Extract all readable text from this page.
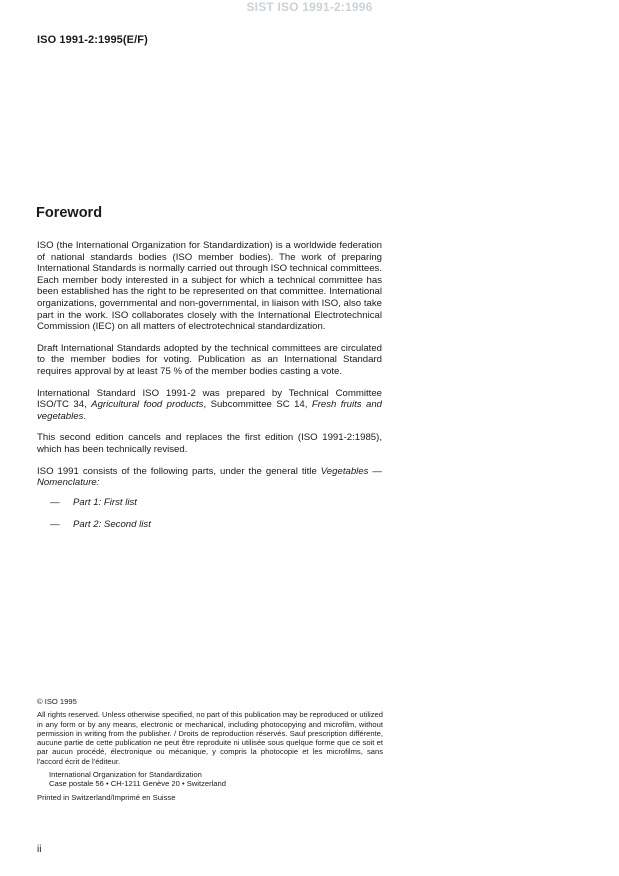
SIST ISO 1991-2:1996
ISO 1991-2:1995(E/F)
Foreword

ISO (the International Organization for Standardization) is a worldwide federation of national standards bodies (ISO member bodies). The work of preparing International Standards is normally carried out through ISO technical committees. Each member body interested in a subject for which a technical committee has been established has the right to be represented on that committee. International organizations, governmental and non-governmental, in liaison with ISO, also take part in the work. ISO collaborates closely with the International Electrotechnical Commission (IEC) on all matters of electrotechnical standardization.

Draft International Standards adopted by the technical committees are circulated to the member bodies for voting. Publication as an International Standard requires approval by at least 75 % of the member bodies casting a vote.

International Standard ISO 1991-2 was prepared by Technical Committee ISO/TC 34, Agricultural food products, Subcommittee SC 14, Fresh fruits and vegetables.

This second edition cancels and replaces the first edition (ISO 1991-2:1985), which has been technically revised.

ISO 1991 consists of the following parts, under the general title Vegetables — Nomenclature:

— Part 1: First list
— Part 2: Second list
© ISO 1995
All rights reserved. Unless otherwise specified, no part of this publication may be reproduced or utilized in any form or by any means, electronic or mechanical, including photocopying and microfilm, without permission in writing from the publisher. / Droits de reproduction réservés. Sauf prescription différente, aucune partie de cette publication ne peut être reproduite ni utilisée sous quelque forme que ce soit et par aucun procédé, électronique ou mécanique, y compris la photocopie et les microfilms, sans l'accord écrit de l'éditeur.
International Organization for Standardization
Case postale 56 • CH-1211 Genève 20 • Switzerland
Printed in Switzerland/Imprimé en Suisse
ii
